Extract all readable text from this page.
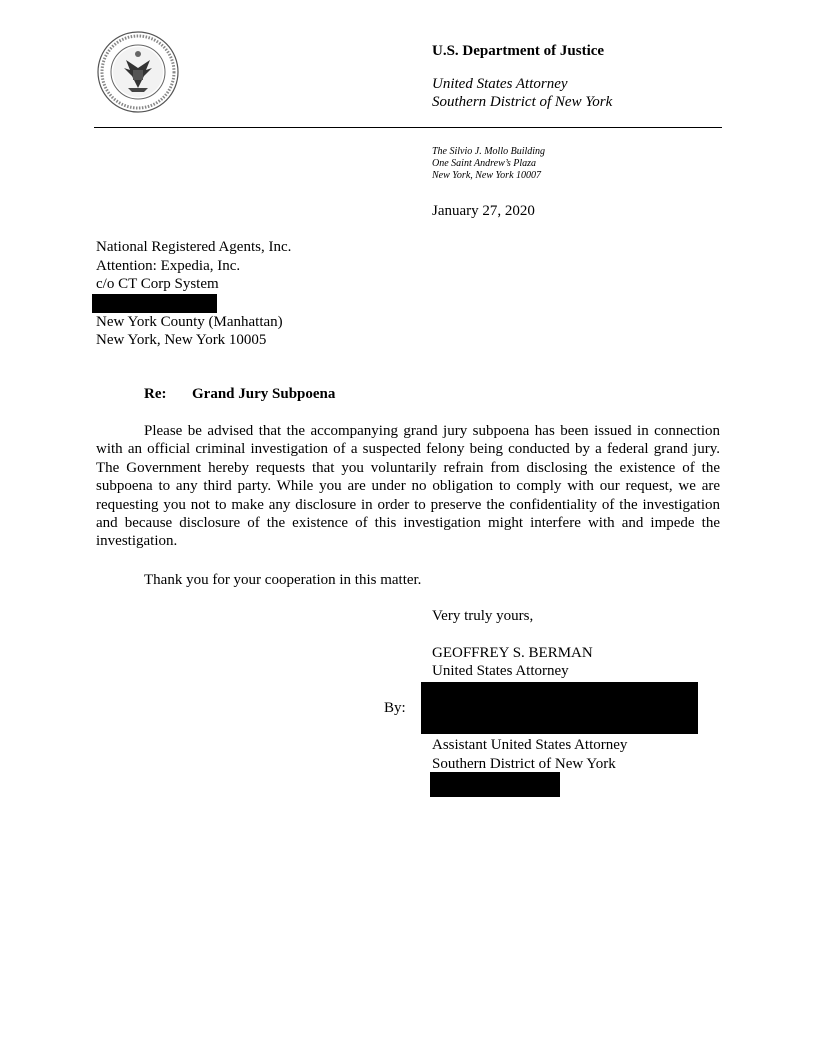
U.S. Department of Justice
United States Attorney
Southern District of New York
The Silvio J. Mollo Building
One Saint Andrew’s Plaza
New York, New York 10007
January 27, 2020
National Registered Agents, Inc.
Attention: Expedia, Inc.
c/o CT Corp System
New York County (Manhattan)
New York, New York 10005
Re: Grand Jury Subpoena

Please be advised that the accompanying grand jury subpoena has been issued in connection with an official criminal investigation of a suspected felony being conducted by a federal grand jury. The Government hereby requests that you voluntarily refrain from disclosing the existence of the subpoena to any third party. While you are under no obligation to comply with our request, we are requesting you not to make any disclosure in order to preserve the confidentiality of the investigation and because disclosure of the existence of this investigation might interfere with and impede the investigation.

Thank you for your cooperation in this matter.
Very truly yours,
GEOFFREY S. BERMAN
United States Attorney
By:
Assistant United States Attorney
Southern District of New York
